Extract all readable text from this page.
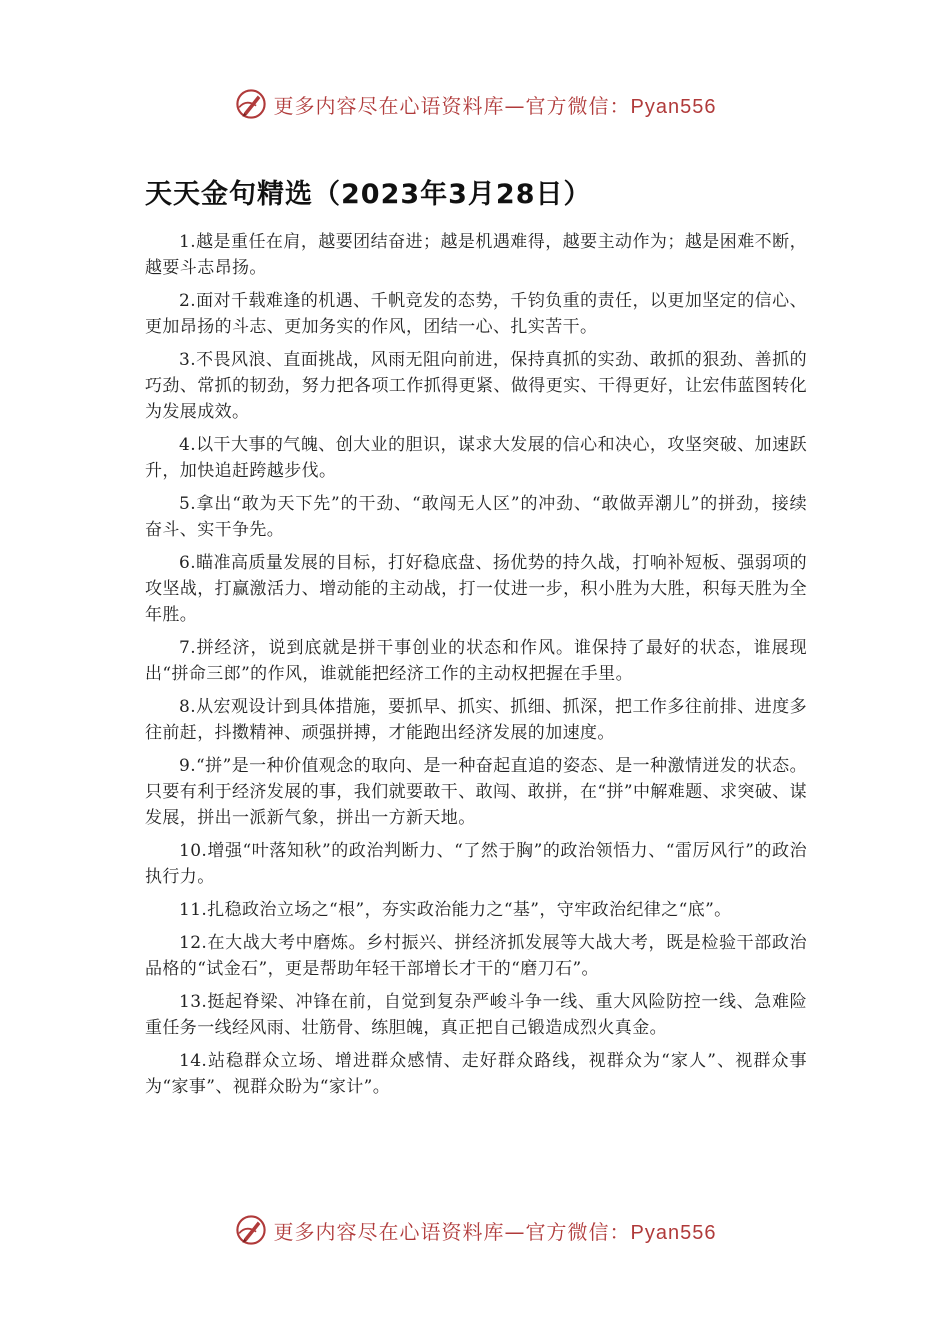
更多内容尽在心语资料库—官方微信：Pyan556
天天金句精选（2023年3月28日）

1.越是重任在肩，越要团结奋进；越是机遇难得，越要主动作为；越是困难不断，越要斗志昂扬。

2.面对千载难逢的机遇、千帆竞发的态势，千钧负重的责任，以更加坚定的信心、更加昂扬的斗志、更加务实的作风，团结一心、扎实苦干。

3.不畏风浪、直面挑战，风雨无阻向前进，保持真抓的实劲、敢抓的狠劲、善抓的巧劲、常抓的韧劲，努力把各项工作抓得更紧、做得更实、干得更好，让宏伟蓝图转化为发展成效。

4.以干大事的气魄、创大业的胆识，谋求大发展的信心和决心，攻坚突破、加速跃升，加快追赶跨越步伐。

5.拿出“敢为天下先”的干劲、“敢闯无人区”的冲劲、“敢做弄潮儿”的拼劲，接续奋斗、实干争先。

6.瞄准高质量发展的目标，打好稳底盘、扬优势的持久战，打响补短板、强弱项的攻坚战，打赢激活力、增动能的主动战，打一仗进一步，积小胜为大胜，积每天胜为全年胜。

7.拼经济，说到底就是拼干事创业的状态和作风。谁保持了最好的状态，谁展现出“拼命三郎”的作风，谁就能把经济工作的主动权把握在手里。

8.从宏观设计到具体措施，要抓早、抓实、抓细、抓深，把工作多往前排、进度多往前赶，抖擞精神、顽强拼搏，才能跑出经济发展的加速度。

9.“拼”是一种价值观念的取向、是一种奋起直追的姿态、是一种激情迸发的状态。只要有利于经济发展的事，我们就要敢干、敢闯、敢拼，在“拼”中解难题、求突破、谋发展，拼出一派新气象，拼出一方新天地。

10.增强“叶落知秋”的政治判断力、“了然于胸”的政治领悟力、“雷厉风行”的政治执行力。

11.扎稳政治立场之“根”，夯实政治能力之“基”，守牢政治纪律之“底”。

12.在大战大考中磨炼。乡村振兴、拼经济抓发展等大战大考，既是检验干部政治品格的“试金石”，更是帮助年轻干部增长才干的“磨刀石”。

13.挺起脊梁、冲锋在前，自觉到复杂严峻斗争一线、重大风险防控一线、急难险重任务一线经风雨、壮筋骨、练胆魄，真正把自己锻造成烈火真金。

14.站稳群众立场、增进群众感情、走好群众路线，视群众为“家人”、视群众事为“家事”、视群众盼为“家计”。

更多内容尽在心语资料库—官方微信：Pyan556
